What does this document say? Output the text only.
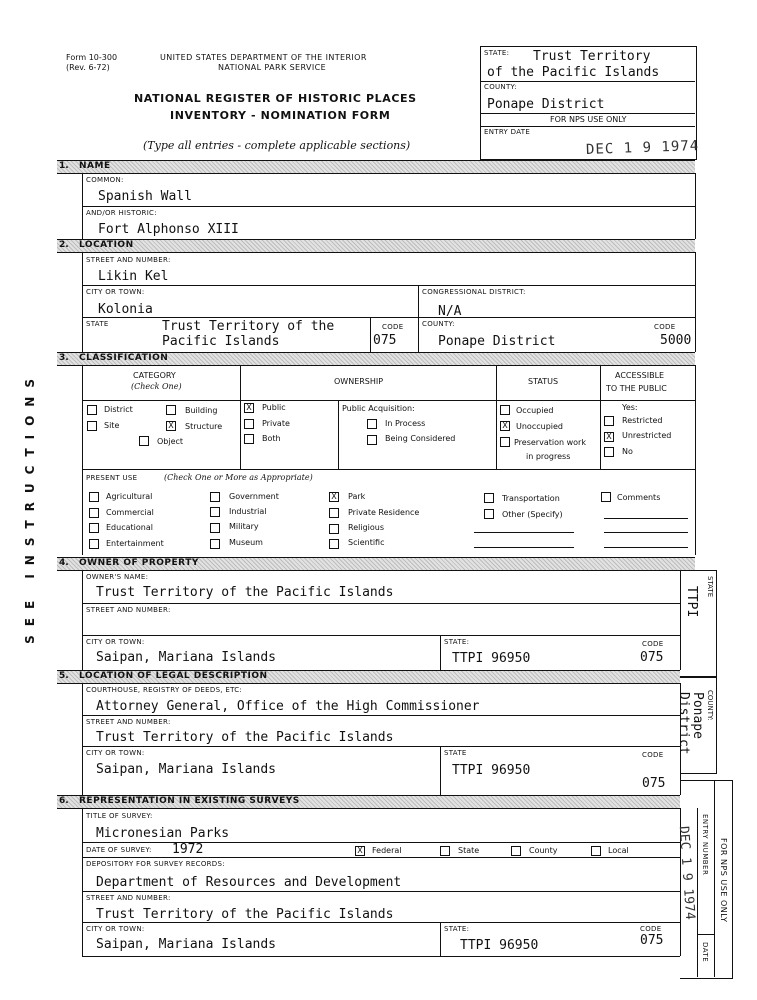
Form 10-300
(Rev. 6-72)
UNITED STATES DEPARTMENT OF THE INTERIOR
NATIONAL PARK SERVICE
NATIONAL REGISTER OF HISTORIC PLACES
INVENTORY - NOMINATION FORM
(Type all entries - complete applicable sections)
STATE: Trust Territory
of the Pacific Islands
COUNTY:
Ponape District
FOR NPS USE ONLY
ENTRY DATE
DEC 1 9 1974
SEE INSTRUCTIONS
1. NAME
COMMON:
Spanish Wall
AND/OR HISTORIC:
Fort Alphonso XIII
2. LOCATION
STREET AND NUMBER:
Likin Kel
CITY OR TOWN:
Kolonia
CONGRESSIONAL DISTRICT:
N/A
STATE	Trust Territory of the
Pacific Islands
CODE
075
COUNTY:
Ponape District
CODE
5000
3. CLASSIFICATION
CATEGORY
(Check One)
OWNERSHIP	STATUS
ACCESSIBLE
TO THE PUBLIC
District	Building
Site	X Structure
Object
X Public
Private
Both
Public Acquisition:
In Process
Being Considered
Occupied
X Unoccupied
Preservation work
in progress
Yes:
Restricted
X Unrestricted
No
PRESENT USE	(Check One or More as Appropriate)
Agricultural	Government	X Park	Transportation	Comments
Commercial	Industrial	Private Residence	Other (Specify)
Educational	Military	Religious
Entertainment	Museum	Scientific
4. OWNER OF PROPERTY
OWNER'S NAME:
Trust Territory of the Pacific Islands
STREET AND NUMBER:
CITY OR TOWN:
Saipan, Mariana Islands
STATE:
TTPI 96950
CODE
075
STATE
TTPI
COUNTY:
Ponape
District
5. LOCATION OF LEGAL DESCRIPTION
COURTHOUSE, REGISTRY OF DEEDS, ETC:
Attorney General, Office of the High Commissioner
STREET AND NUMBER:
Trust Territory of the Pacific Islands
CITY OR TOWN:
Saipan, Mariana Islands
STATE
TTPI 96950
CODE
075
6. REPRESENTATION IN EXISTING SURVEYS
TITLE OF SURVEY:
Micronesian Parks
DATE OF SURVEY: 1972	X Federal	State	County	Local
DEPOSITORY FOR SURVEY RECORDS:
Department of Resources and Development
STREET AND NUMBER:
Trust Territory of the Pacific Islands
CITY OR TOWN:
Saipan, Mariana Islands
STATE:
TTPI 96950
CODE
075
FOR NPS USE ONLY
ENTRY NUMBER
DATE
DEC 1 9 1974
